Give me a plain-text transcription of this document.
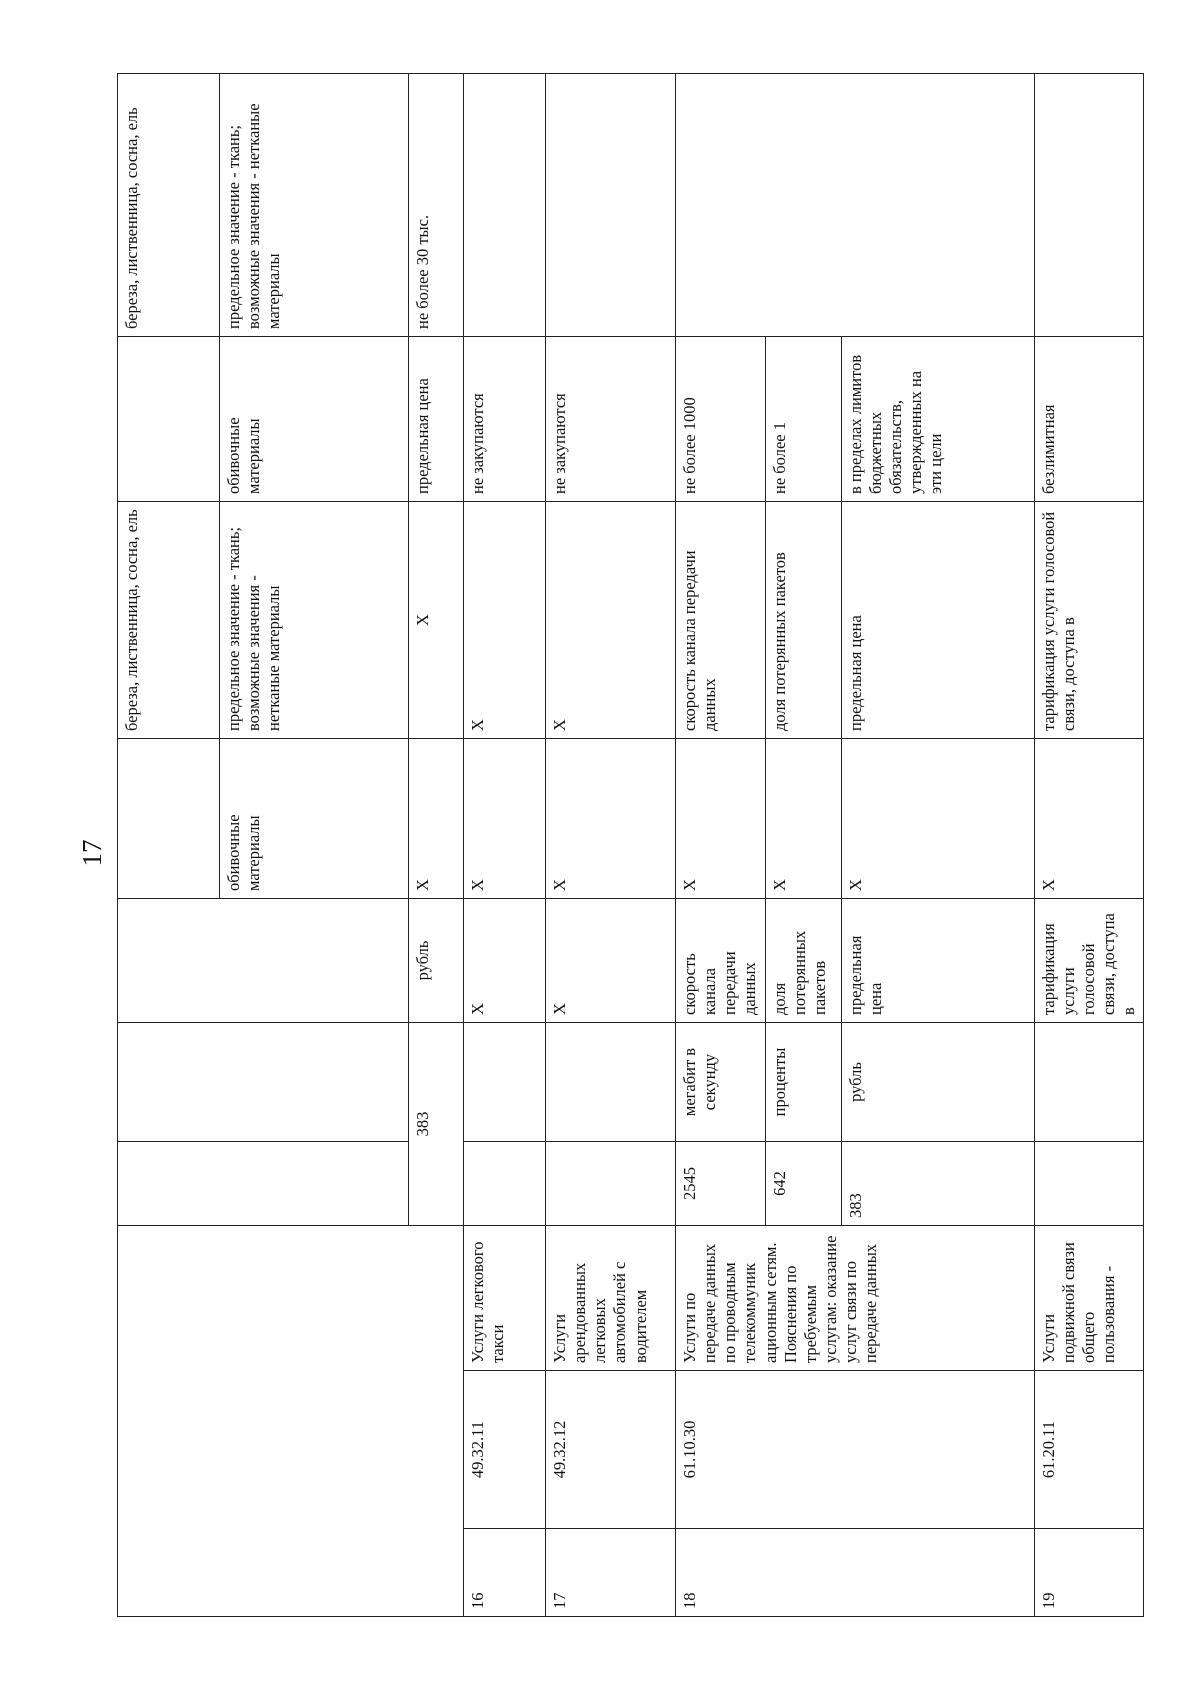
17
							береза, лиственница, сосна, ель		береза, лиственница, сосна, ель
						обивочные материалы	предельное значение - ткань; возможные значения - нетканые материалы	обивочные материалы	предельное значение - ткань; возможные значения - нетканые материалы
			383		рубль	X	X	предельная цена	не более 30 тыс.
16	49.32.11	Услуги легкового такси			X	X	X	не закупаются	
17	49.32.12	Услуги арендованных легковых автомобилей с водителем			X	X	X	не закупаются	
18	61.10.30	Услуги по передаче данных по проводным телекоммуник ационным сетям. Пояснения по требуемым услугам: оказание услуг связи по передаче данных	2545	мегабит в секунду	скорость канала передачи данных	X	скорость канала передачи данных	не более 1000	
			642	проценты	доля потерянных пакетов	X	доля потерянных пакетов	не более 1	
			383	рубль	предельная цена	X	предельная цена	в пределах лимитов бюджетных обязательств, утвержденных на эти цели	
19	61.20.11	Услуги подвижной связи общего пользования -			тарификация услуги голосовой связи, доступа в	X	тарификация услуги голосовой связи, доступа в	безлимитная	
